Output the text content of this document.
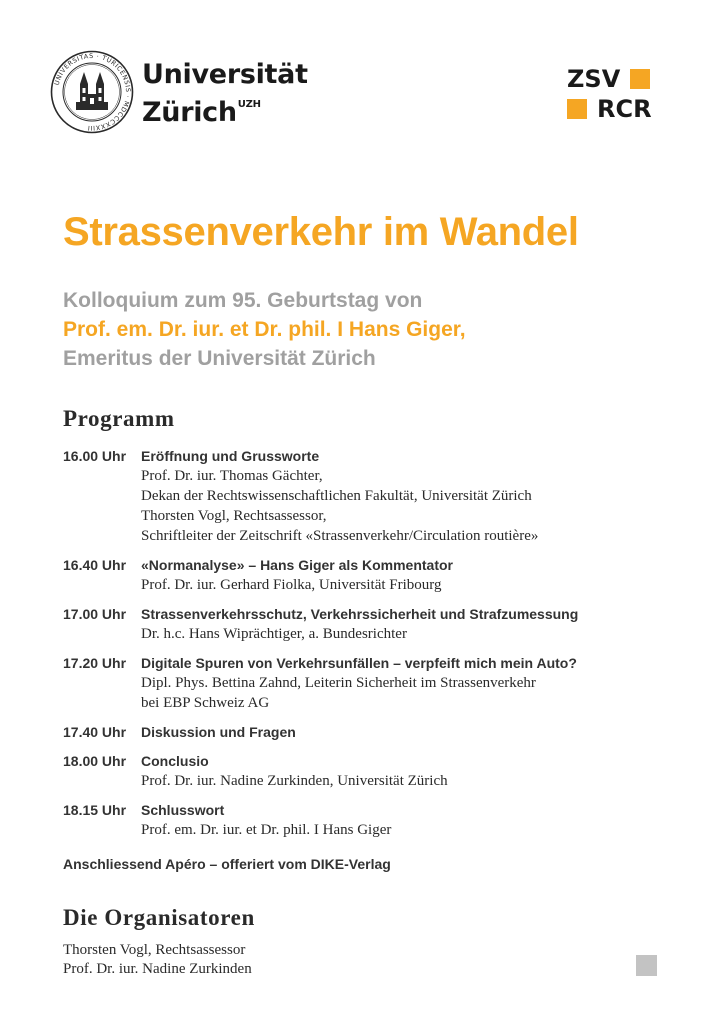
UNIVERSITAS · TURICENSIS · MDCCCXXXIII
Universität
Zürich$^{UZH}$
ZSV
RCR
Strassenverkehr im Wandel
Kolloquium zum 95. Geburtstag von
Prof. em. Dr. iur. et Dr. phil. I Hans Giger,
Emeritus der Universität Zürich
Programm
16.00 Uhr	Eröffnung und Grussworte
Prof. Dr. iur. Thomas Gächter,
Dekan der Rechtswissenschaftlichen Fakultät, Universität Zürich
Thorsten Vogl, Rechtsassessor,
Schriftleiter der Zeitschrift «Strassenverkehr/Circulation routière»
16.40 Uhr	«Normanalyse» – Hans Giger als Kommentator
Prof. Dr. iur. Gerhard Fiolka, Universität Fribourg
17.00 Uhr	Strassenverkehrsschutz, Verkehrssicherheit und Strafzumessung
Dr. h.c. Hans Wiprächtiger, a. Bundesrichter
17.20 Uhr	Digitale Spuren von Verkehrsunfällen – verpfeift mich mein Auto?
Dipl. Phys. Bettina Zahnd, Leiterin Sicherheit im Strassenverkehr
bei EBP Schweiz AG
17.40 Uhr	Diskussion und Fragen
18.00 Uhr	Conclusio
Prof. Dr. iur. Nadine Zurkinden, Universität Zürich
18.15 Uhr	Schlusswort
Prof. em. Dr. iur. et Dr. phil. I Hans Giger
Anschliessend Apéro – offeriert vom DIKE-Verlag
Die Organisatoren
Thorsten Vogl, Rechtsassessor
Prof. Dr. iur. Nadine Zurkinden
